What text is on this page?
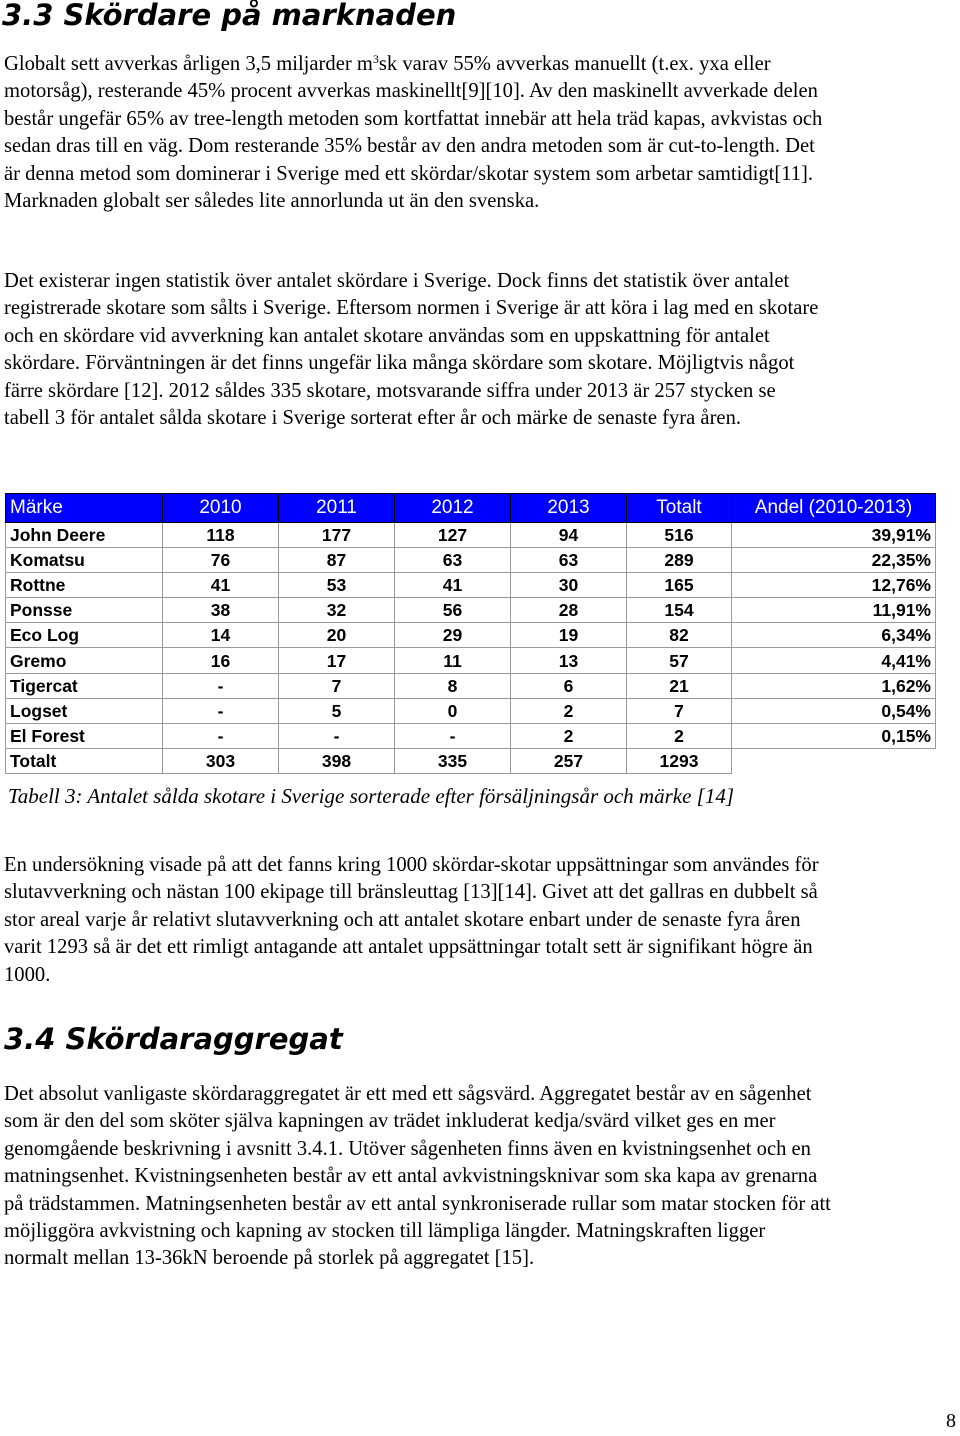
3.3 Skördare på marknaden

Globalt sett avverkas årligen 3,5 miljarder $m^3sk$ varav 55% avverkas manuellt (t.ex. yxa eller
motorsåg), resterande 45% procent avverkas maskinellt[9][10]. Av den maskinellt avverkade delen
består ungefär 65% av tree-length metoden som kortfattat innebär att hela träd kapas, avkvistas och
sedan dras till en väg. Dom resterande 35% består av den andra metoden som är cut-to-length. Det
är denna metod som dominerar i Sverige med ett skördar/skotar system som arbetar samtidigt[11].
Marknaden globalt ser således lite annorlunda ut än den svenska.

Det existerar ingen statistik över antalet skördare i Sverige. Dock finns det statistik över antalet
registrerade skotare som sålts i Sverige. Eftersom normen i Sverige är att köra i lag med en skotare
och en skördare vid avverkning kan antalet skotare användas som en uppskattning för antalet
skördare. Förväntningen är det finns ungefär lika många skördare som skotare. Möjligtvis något
färre skördare [12]. 2012 såldes 335 skotare, motsvarande siffra under 2013 är 257 stycken se
tabell 3 för antalet sålda skotare i Sverige sorterat efter år och märke de senaste fyra åren.

Märke	2010	2011	2012	2013	Totalt	Andel (2010-2013)
John Deere	118	177	127	94	516	39,91%
Komatsu	76	87	63	63	289	22,35%
Rottne	41	53	41	30	165	12,76%
Ponsse	38	32	56	28	154	11,91%
Eco Log	14	20	29	19	82	6,34%
Gremo	16	17	11	13	57	4,41%
Tigercat	-	7	8	6	21	1,62%
Logset	-	5	0	2	7	0,54%
El Forest	-	-	-	2	2	0,15%
Totalt	303	398	335	257	1293	

Tabell 3: Antalet sålda skotare i Sverige sorterade efter försäljningsår och märke [14]

En undersökning visade på att det fanns kring 1000 skördar-skotar uppsättningar som användes för
slutavverkning och nästan 100 ekipage till bränsleuttag [13][14]. Givet att det gallras en dubbelt så
stor areal varje år relativt slutavverkning och att antalet skotare enbart under de senaste fyra åren
varit 1293 så är det ett rimligt antagande att antalet uppsättningar totalt sett är signifikant högre än
1000.

3.4 Skördaraggregat

Det absolut vanligaste skördaraggregatet är ett med ett sågsvärd. Aggregatet består av en sågenhet
som är den del som sköter själva kapningen av trädet inkluderat kedja/svärd vilket ges en mer
genomgående beskrivning i avsnitt 3.4.1. Utöver sågenheten finns även en kvistningsenhet och en
matningsenhet. Kvistningsenheten består av ett antal avkvistningsknivar som ska kapa av grenarna
på trädstammen. Matningsenheten består av ett antal synkroniserade rullar som matar stocken för att
möjliggöra avkvistning och kapning av stocken till lämpliga längder. Matningskraften ligger
normalt mellan 13-36kN beroende på storlek på aggregatet [15].

8
